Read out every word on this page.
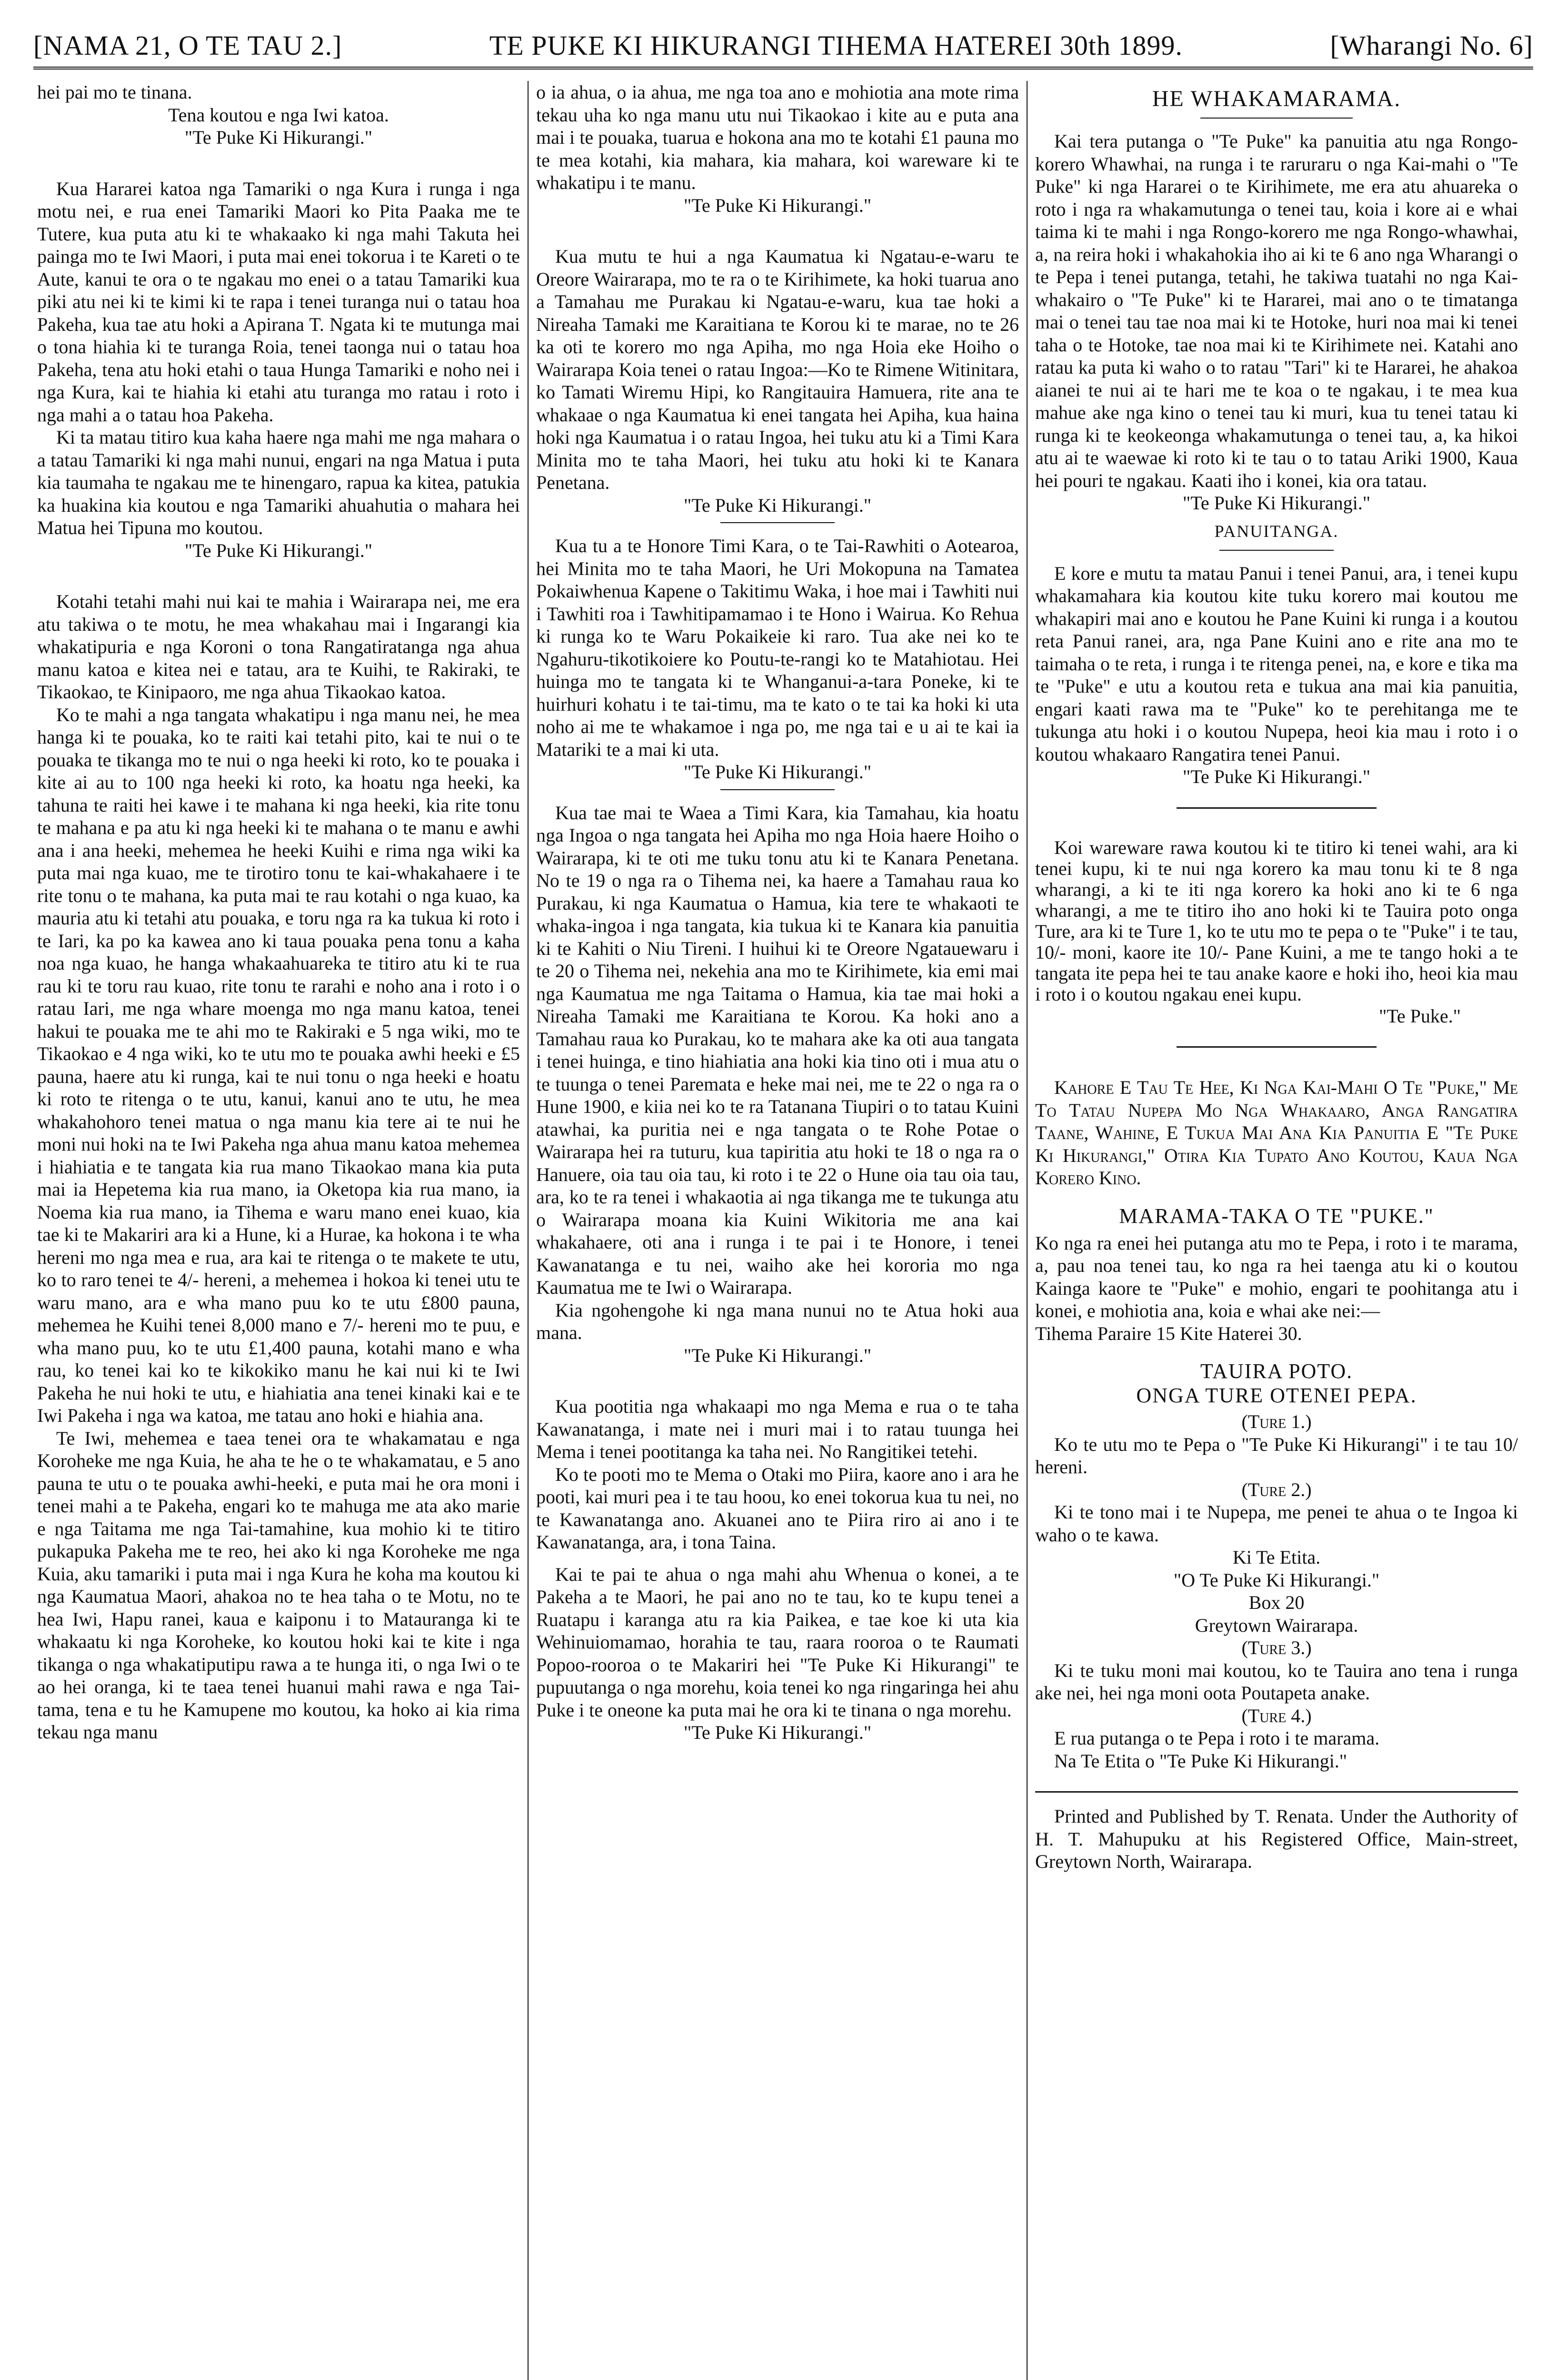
[NAMA 21, O TE TAU 2.]	TE PUKE KI HIKURANGI TIHEMA HATEREI 30th 1899.	[Wharangi No. 6]

hei pai mo te tinana.

Tena koutou e nga Iwi katoa.

"Te Puke Ki Hikurangi."

Kua Hararei katoa nga Tamariki o nga Kura i runga i nga motu nei, e rua enei Tamariki Maori ko Pita Paaka me te Tutere, kua puta atu ki te whakaako ki nga mahi Takuta hei painga mo te Iwi Maori, i puta mai enei tokorua i te Kareti o te Aute, kanui te ora o te ngakau mo enei o a tatau Tamariki kua piki atu nei ki te kimi ki te rapa i tenei turanga nui o tatau hoa Pakeha, kua tae atu hoki a Apirana T. Ngata ki te mutunga mai o tona hiahia ki te turanga Roia, tenei taonga nui o tatau hoa Pakeha, tena atu hoki etahi o taua Hunga Tamariki e noho nei i nga Kura, kai te hiahia ki etahi atu turanga mo ratau i roto i nga mahi a o tatau hoa Pakeha.

Ki ta matau titiro kua kaha haere nga mahi me nga mahara o a tatau Tamariki ki nga mahi nunui, engari na nga Matua i puta kia taumaha te ngakau me te hinengaro, rapua ka kitea, patukia ka huakina kia koutou e nga Tamariki ahuahutia o mahara hei Matua hei Tipuna mo koutou.

"Te Puke Ki Hikurangi."

Kotahi tetahi mahi nui kai te mahia i Wairarapa nei, me era atu takiwa o te motu, he mea whakahau mai i Ingarangi kia whakatipuria e nga Koroni o tona Rangatiratanga nga ahua manu katoa e kitea nei e tatau, ara te Kuihi, te Rakiraki, te Tikaokao, te Kinipaoro, me nga ahua Tikaokao katoa.

Ko te mahi a nga tangata whakatipu i nga manu nei, he mea hanga ki te pouaka, ko te raiti kai tetahi pito, kai te nui o te pouaka te tikanga mo te nui o nga heeki ki roto, ko te pouaka i kite ai au to 100 nga heeki ki roto, ka hoatu nga heeki, ka tahuna te raiti hei kawe i te mahana ki nga heeki, kia rite tonu te mahana e pa atu ki nga heeki ki te mahana o te manu e awhi ana i ana heeki, mehemea he heeki Kuihi e rima nga wiki ka puta mai nga kuao, me te tirotiro tonu te kai-whakahaere i te rite tonu o te mahana, ka puta mai te rau kotahi o nga kuao, ka mauria atu ki tetahi atu pouaka, e toru nga ra ka tukua ki roto i te Iari, ka po ka kawea ano ki taua pouaka pena tonu a kaha noa nga kuao, he hanga whakaahuareka te titiro atu ki te rua rau ki te toru rau kuao, rite tonu te rarahi e noho ana i roto i o ratau Iari, me nga whare moenga mo nga manu katoa, tenei hakui te pouaka me te ahi mo te Rakiraki e 5 nga wiki, mo te Tikaokao e 4 nga wiki, ko te utu mo te pouaka awhi heeki e £5 pauna, haere atu ki runga, kai te nui tonu o nga heeki e hoatu ki roto te ritenga o te utu, kanui, kanui ano te utu, he mea whakahohoro tenei matua o nga manu kia tere ai te nui he moni nui hoki na te Iwi Pakeha nga ahua manu katoa mehemea i hiahiatia e te tangata kia rua mano Tikaokao mana kia puta mai ia Hepetema kia rua mano, ia Oketopa kia rua mano, ia Noema kia rua mano, ia Tihema e waru mano enei kuao, kia tae ki te Makariri ara ki a Hune, ki a Hurae, ka hokona i te wha hereni mo nga mea e rua, ara kai te ritenga o te makete te utu, ko to raro tenei te 4/- hereni, a mehemea i hokoa ki tenei utu te waru mano, ara e wha mano puu ko te utu £800 pauna, mehemea he Kuihi tenei 8,000 mano e 7/- hereni mo te puu, e wha mano puu, ko te utu £1,400 pauna, kotahi mano e wha rau, ko tenei kai ko te kikokiko manu he kai nui ki te Iwi Pakeha he nui hoki te utu, e hiahiatia ana tenei kinaki kai e te Iwi Pakeha i nga wa katoa, me tatau ano hoki e hiahia ana.

Te Iwi, mehemea e taea tenei ora te whakamatau e nga Koroheke me nga Kuia, he aha te he o te whakamatau, e 5 ano pauna te utu o te pouaka awhi-heeki, e puta mai he ora moni i tenei mahi a te Pakeha, engari ko te mahuga me ata ako marie e nga Taitama me nga Tai-tamahine, kua mohio ki te titiro pukapuka Pakeha me te reo, hei ako ki nga Koroheke me nga Kuia, aku tamariki i puta mai i nga Kura he koha ma koutou ki nga Kaumatua Maori, ahakoa no te hea taha o te Motu, no te hea Iwi, Hapu ranei, kaua e kaiponu i to Matauranga ki te whakaatu ki nga Koroheke, ko koutou hoki kai te kite i nga tikanga o nga whakatiputipu rawa a te hunga iti, o nga Iwi o te ao hei oranga, ki te taea tenei huanui mahi rawa e nga Tai-tama, tena e tu he Kamupene mo koutou, ka hoko ai kia rima tekau nga manu

o ia ahua, o ia ahua, me nga toa ano e mohiotia ana mote rima tekau uha ko nga manu utu nui Tikaokao i kite au e puta ana mai i te pouaka, tuarua e hokona ana mo te kotahi £1 pauna mo te mea kotahi, kia mahara, kia mahara, koi wareware ki te whakatipu i te manu.

"Te Puke Ki Hikurangi."

Kua mutu te hui a nga Kaumatua ki Ngatau-e-waru te Oreore Wairarapa, mo te ra o te Kirihimete, ka hoki tuarua ano a Tamahau me Purakau ki Ngatau-e-waru, kua tae hoki a Nireaha Tamaki me Karaitiana te Korou ki te marae, no te 26 ka oti te korero mo nga Apiha, mo nga Hoia eke Hoiho o Wairarapa Koia tenei o ratau Ingoa:—Ko te Rimene Witinitara, ko Tamati Wiremu Hipi, ko Rangitauira Hamuera, rite ana te whakaae o nga Kaumatua ki enei tangata hei Apiha, kua haina hoki nga Kaumatua i o ratau Ingoa, hei tuku atu ki a Timi Kara Minita mo te taha Maori, hei tuku atu hoki ki te Kanara Penetana.

"Te Puke Ki Hikurangi."

Kua tu a te Honore Timi Kara, o te Tai-Rawhiti o Aotearoa, hei Minita mo te taha Maori, he Uri Mokopuna na Tamatea Pokaiwhenua Kapene o Takitimu Waka, i hoe mai i Tawhiti nui i Tawhiti roa i Tawhitipamamao i te Hono i Wairua. Ko Rehua ki runga ko te Waru Pokaikeie ki raro. Tua ake nei ko te Ngahuru-tikotikoiere ko Poutu-te-rangi ko te Matahiotau. Hei huinga mo te tangata ki te Whanganui-a-tara Poneke, ki te huirhuri kohatu i te tai-timu, ma te kato o te tai ka hoki ki uta noho ai me te whakamoe i nga po, me nga tai e u ai te kai ia Matariki te a mai ki uta.

"Te Puke Ki Hikurangi."

Kua tae mai te Waea a Timi Kara, kia Tamahau, kia hoatu nga Ingoa o nga tangata hei Apiha mo nga Hoia haere Hoiho o Wairarapa, ki te oti me tuku tonu atu ki te Kanara Penetana. No te 19 o nga ra o Tihema nei, ka haere a Tamahau raua ko Purakau, ki nga Kaumatua o Hamua, kia tere te whakaoti te whaka-ingoa i nga tangata, kia tukua ki te Kanara kia panuitia ki te Kahiti o Niu Tireni. I huihui ki te Oreore Ngatauewaru i te 20 o Tihema nei, nekehia ana mo te Kirihimete, kia emi mai nga Kaumatua me nga Taitama o Hamua, kia tae mai hoki a Nireaha Tamaki me Karaitiana te Korou. Ka hoki ano a Tamahau raua ko Purakau, ko te mahara ake ka oti aua tangata i tenei huinga, e tino hiahiatia ana hoki kia tino oti i mua atu o te tuunga o tenei Paremata e heke mai nei, me te 22 o nga ra o Hune 1900, e kiia nei ko te ra Tatanana Tiupiri o to tatau Kuini atawhai, ka puritia nei e nga tangata o te Rohe Potae o Wairarapa hei ra tuturu, kua tapiritia atu hoki te 18 o nga ra o Hanuere, oia tau oia tau, ki roto i te 22 o Hune oia tau oia tau, ara, ko te ra tenei i whakaotia ai nga tikanga me te tukunga atu o Wairarapa moana kia Kuini Wikitoria me ana kai whakahaere, oti ana i runga i te pai i te Honore, i tenei Kawanatanga e tu nei, waiho ake hei kororia mo nga Kaumatua me te Iwi o Wairarapa.

Kia ngohengohe ki nga mana nunui no te Atua hoki aua mana.

"Te Puke Ki Hikurangi."

Kua pootitia nga whakaapi mo nga Mema e rua o te taha Kawanatanga, i mate nei i muri mai i to ratau tuunga hei Mema i tenei pootitanga ka taha nei. No Rangitikei tetehi.

Ko te pooti mo te Mema o Otaki mo Piira, kaore ano i ara he pooti, kai muri pea i te tau hoou, ko enei tokorua kua tu nei, no te Kawanatanga ano. Akuanei ano te Piira riro ai ano i te Kawanatanga, ara, i tona Taina.

Kai te pai te ahua o nga mahi ahu Whenua o konei, a te Pakeha a te Maori, he pai ano no te tau, ko te kupu tenei a Ruatapu i karanga atu ra kia Paikea, e tae koe ki uta kia Wehinuiomamao, horahia te tau, raara rooroa o te Raumati Popoo-rooroa o te Makariri hei "Te Puke Ki Hikurangi" te pupuutanga o nga morehu, koia tenei ko nga ringaringa hei ahu Puke i te oneone ka puta mai he ora ki te tinana o nga morehu.

"Te Puke Ki Hikurangi."

HE WHAKAMARAMA.

Kai tera putanga o "Te Puke" ka panuitia atu nga Rongo-korero Whawhai, na runga i te raruraru o nga Kai-mahi o "Te Puke" ki nga Hararei o te Kirihimete, me era atu ahuareka o roto i nga ra whakamutunga o tenei tau, koia i kore ai e whai taima ki te mahi i nga Rongo-korero me nga Rongo-whawhai, a, na reira hoki i whakahokia iho ai ki te 6 ano nga Wharangi o te Pepa i tenei putanga, tetahi, he takiwa tuatahi no nga Kai-whakairo o "Te Puke" ki te Hararei, mai ano o te timatanga mai o tenei tau tae noa mai ki te Hotoke, huri noa mai ki tenei taha o te Hotoke, tae noa mai ki te Kirihimete nei. Katahi ano ratau ka puta ki waho o to ratau "Tari" ki te Hararei, he ahakoa aianei te nui ai te hari me te koa o te ngakau, i te mea kua mahue ake nga kino o tenei tau ki muri, kua tu tenei tatau ki runga ki te keokeonga whakamutunga o tenei tau, a, ka hikoi atu ai te waewae ki roto ki te tau o to tatau Ariki 1900, Kaua hei pouri te ngakau. Kaati iho i konei, kia ora tatau.

"Te Puke Ki Hikurangi."

PANUITANGA.

E kore e mutu ta matau Panui i tenei Panui, ara, i tenei kupu whakamahara kia koutou kite tuku korero mai koutou me whakapiri mai ano e koutou he Pane Kuini ki runga i a koutou reta Panui ranei, ara, nga Pane Kuini ano e rite ana mo te taimaha o te reta, i runga i te ritenga penei, na, e kore e tika ma te "Puke" e utu a koutou reta e tukua ana mai kia panuitia, engari kaati rawa ma te "Puke" ko te perehitanga me te tukunga atu hoki i o koutou Nupepa, heoi kia mau i roto i o koutou whakaaro Rangatira tenei Panui.

"Te Puke Ki Hikurangi."

Koi wareware rawa koutou ki te titiro ki tenei wahi, ara ki tenei kupu, ki te nui nga korero ka mau tonu ki te 8 nga wharangi, a ki te iti nga korero ka hoki ano ki te 6 nga wharangi, a me te titiro iho ano hoki ki te Tauira poto onga Ture, ara ki te Ture 1, ko te utu mo te pepa o te "Puke" i te tau, 10/- moni, kaore ite 10/- Pane Kuini, a me te tango hoki a te tangata ite pepa hei te tau anake kaore e hoki iho, heoi kia mau i roto i o koutou ngakau enei kupu.

"Te Puke."

Kahore E Tau Te Hee, Ki Nga Kai-Mahi O Te "Puke," Me To Tatau Nupepa Mo Nga Whakaaro, Anga Rangatira Taane, Wahine, E Tukua Mai Ana Kia Panuitia E "Te Puke Ki Hikurangi," Otira Kia Tupato Ano Koutou, Kaua Nga Korero Kino.

MARAMA-TAKA O TE "PUKE."

Ko nga ra enei hei putanga atu mo te Pepa, i roto i te marama, a, pau noa tenei tau, ko nga ra hei taenga atu ki o koutou Kainga kaore te "Puke" e mohio, engari te poohitanga atu i konei, e mohiotia ana, koia e whai ake nei:—

Tihema Paraire 15 Kite Haterei 30.

TAUIRA POTO.
ONGA TURE OTENEI PEPA.

(Ture 1.)

Ko te utu mo te Pepa o "Te Puke Ki Hikurangi" i te tau 10/ hereni.

(Ture 2.)

Ki te tono mai i te Nupepa, me penei te ahua o te Ingoa ki waho o te kawa.

Ki Te Etita.

"O Te Puke Ki Hikurangi."

Box 20

Greytown Wairarapa.

(Ture 3.)

Ki te tuku moni mai koutou, ko te Tauira ano tena i runga ake nei, hei nga moni oota Poutapeta anake.

(Ture 4.)

E rua putanga o te Pepa i roto i te marama.

Na Te Etita o "Te Puke Ki Hikurangi."

Printed and Published by T. Renata. Under the Authority of H. T. Mahupuku at his Registered Office, Main-street, Greytown North, Wairarapa.
